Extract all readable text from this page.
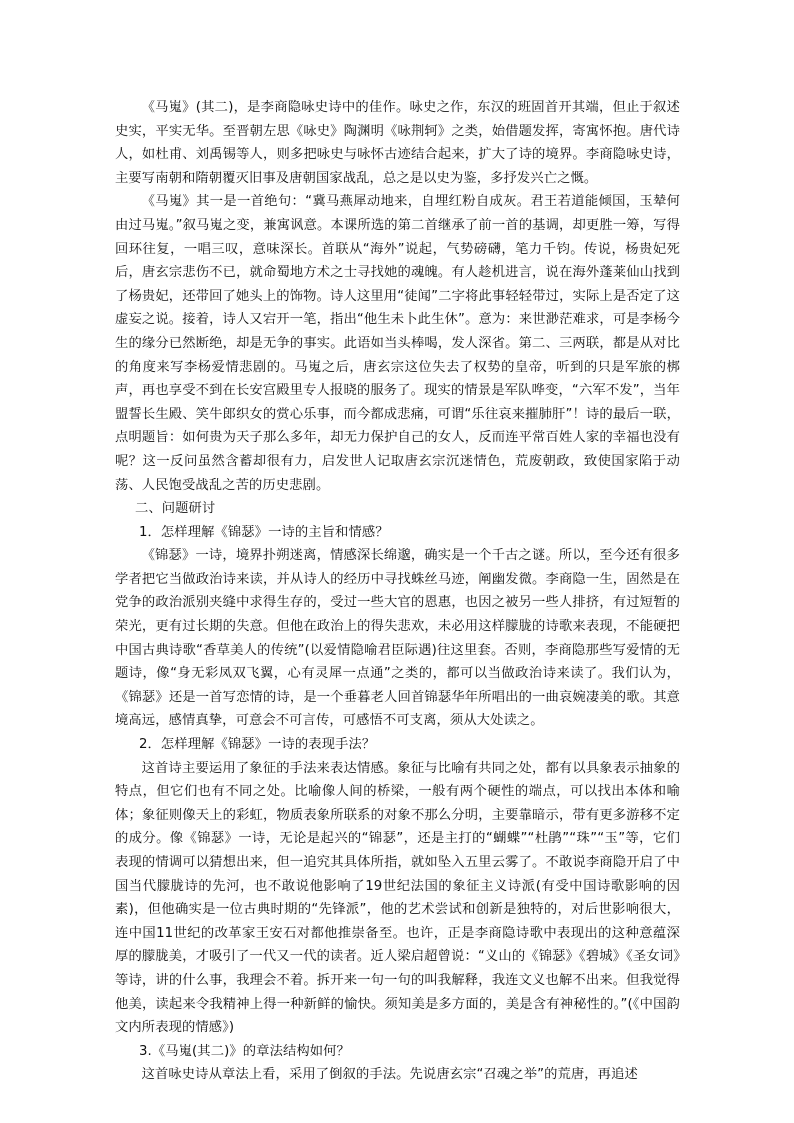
《马嵬》(其二)，是李商隐咏史诗中的佳作。咏史之作，东汉的班固首开其端，但止于叙述史实，平实无华。至晋朝左思《咏史》陶渊明《咏荆轲》之类，始借题发挥，寄寓怀抱。唐代诗人，如杜甫、刘禹锡等人，则多把咏史与咏怀古迹结合起来，扩大了诗的境界。李商隐咏史诗，主要写南朝和隋朝覆灭旧事及唐朝国家战乱，总之是以史为鉴，多抒发兴亡之慨。

《马嵬》其一是一首绝句：“冀马燕犀动地来，自埋红粉自成灰。君王若道能倾国，玉辇何由过马嵬。”叙马嵬之变，兼寓讽意。本课所选的第二首继承了前一首的基调，却更胜一筹，写得回环往复，一唱三叹，意味深长。首联从“海外”说起，气势磅礴，笔力千钧。传说，杨贵妃死后，唐玄宗悲伤不已，就命蜀地方术之士寻找她的魂魄。有人趁机进言，说在海外蓬莱仙山找到了杨贵妃，还带回了她头上的饰物。诗人这里用“徒闻”二字将此事轻轻带过，实际上是否定了这虚妄之说。接着，诗人又宕开一笔，指出“他生未卜此生休”。意为：来世渺茫难求，可是李杨今生的缘分已然断绝，却是无争的事实。此语如当头棒喝，发人深省。第二、三两联，都是从对比的角度来写李杨爱情悲剧的。马嵬之后，唐玄宗这位失去了权势的皇帝，听到的只是军旅的梆声，再也享受不到在长安宫殿里专人报晓的服务了。现实的情景是军队哗变，“六军不发”，当年盟誓长生殿、笑牛郎织女的赏心乐事，而今都成悲痛，可谓“乐往哀来摧肺肝”！诗的最后一联，点明题旨：如何贵为天子那么多年，却无力保护自己的女人，反而连平常百姓人家的幸福也没有呢？这一反问虽然含蓄却很有力，启发世人记取唐玄宗沉迷情色，荒废朝政，致使国家陷于动荡、人民饱受战乱之苦的历史悲剧。

二、问题研讨

1．怎样理解《锦瑟》一诗的主旨和情感？

《锦瑟》一诗，境界扑朔迷离，情感深长绵邈，确实是一个千古之谜。所以，至今还有很多学者把它当做政治诗来读，并从诗人的经历中寻找蛛丝马迹，阐幽发微。李商隐一生，固然是在党争的政治派别夹缝中求得生存的，受过一些大官的恩惠，也因之被另一些人排挤，有过短暂的荣光，更有过长期的失意。但他在政治上的得失悲欢，未必用这样朦胧的诗歌来表现，不能硬把中国古典诗歌“香草美人的传统”(以爱情隐喻君臣际遇)往这里套。否则，李商隐那些写爱情的无题诗，像“身无彩凤双飞翼，心有灵犀一点通”之类的，都可以当做政治诗来读了。我们认为，《锦瑟》还是一首写恋情的诗，是一个垂暮老人回首锦瑟华年所唱出的一曲哀婉凄美的歌。其意境高远，感情真挚，可意会不可言传，可感悟不可支离，须从大处读之。

2．怎样理解《锦瑟》一诗的表现手法？

这首诗主要运用了象征的手法来表达情感。象征与比喻有共同之处，都有以具象表示抽象的特点，但它们也有不同之处。比喻像人间的桥梁，一般有两个硬性的端点，可以找出本体和喻体；象征则像天上的彩虹，物质表象所联系的对象不那么分明，主要靠暗示，带有更多游移不定的成分。像《锦瑟》一诗，无论是起兴的“锦瑟”，还是主打的“蝴蝶”“杜鹃”“珠”“玉”等，它们表现的情调可以猜想出来，但一追究其具体所指，就如坠入五里云雾了。不敢说李商隐开启了中国当代朦胧诗的先河，也不敢说他影响了19世纪法国的象征主义诗派(有受中国诗歌影响的因素)，但他确实是一位古典时期的“先锋派”，他的艺术尝试和创新是独特的，对后世影响很大，连中国11世纪的改革家王安石对都他推崇备至。也许，正是李商隐诗歌中表现出的这种意蕴深厚的朦胧美，才吸引了一代又一代的读者。近人梁启超曾说：“义山的《锦瑟》《碧城》《圣女词》等诗，讲的什么事，我理会不着。拆开来一句一句的叫我解释，我连文义也解不出来。但我觉得他美，读起来令我精神上得一种新鲜的愉快。须知美是多方面的，美是含有神秘性的。”(《中国韵文内所表现的情感》)

3.《马嵬(其二)》的章法结构如何？

这首咏史诗从章法上看，采用了倒叙的手法。先说唐玄宗“召魂之举”的荒唐，再追述
